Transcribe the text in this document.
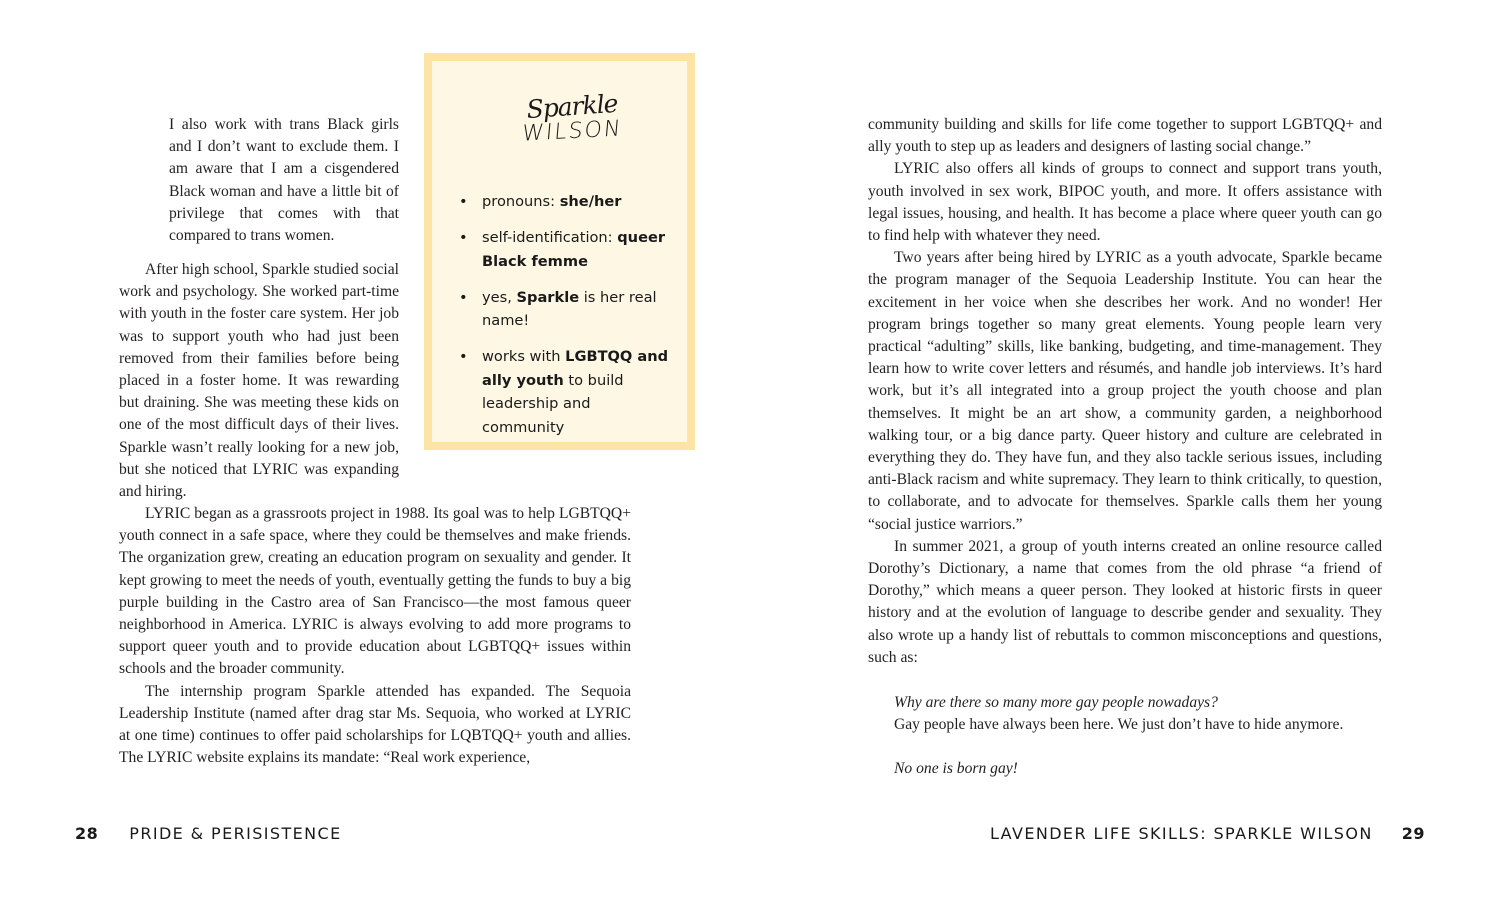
I also work with trans Black girls and I don’t want to exclude them. I am aware that I am a cisgendered Black woman and have a little bit of privilege that comes with that compared to trans women.

After high school, Sparkle studied social work and psychology. She worked part-time with youth in the foster care system. Her job was to support youth who had just been removed from their families before being placed in a foster home. It was rewarding but draining. She was meeting these kids on one of the most difficult days of their lives. Sparkle wasn’t really looking for a new job, but she noticed that LYRIC was expanding and hiring.

LYRIC began as a grassroots project in 1988. Its goal was to help LGBTQQ+ youth connect in a safe space, where they could be themselves and make friends. The organization grew, creating an education program on sexuality and gender. It kept growing to meet the needs of youth, eventually getting the funds to buy a big purple building in the Castro area of San Francisco—the most famous queer neighborhood in America. LYRIC is always evolving to add more programs to support queer youth and to provide education about LGBTQQ+ issues within schools and the broader community.

The internship program Sparkle attended has expanded. The Sequoia Leadership Institute (named after drag star Ms. Sequoia, who worked at LYRIC at one time) continues to offer paid scholarships for LQBTQQ+ youth and allies. The LYRIC website explains its mandate: “Real work experience,

Sparkle
WILSON
• pronouns: she/her
• self-identification: queer Black femme
• yes, Sparkle is her real name!
• works with LGBTQQ and ally youth to build leadership and community
28 PRIDE & PERISISTENCE

community building and skills for life come together to support LGBTQQ+ and ally youth to step up as leaders and designers of lasting social change.”

LYRIC also offers all kinds of groups to connect and support trans youth, youth involved in sex work, BIPOC youth, and more. It offers assistance with legal issues, housing, and health. It has become a place where queer youth can go to find help with whatever they need.

Two years after being hired by LYRIC as a youth advocate, Sparkle became the program manager of the Sequoia Leadership Institute. You can hear the excitement in her voice when she describes her work. And no wonder! Her program brings together so many great elements. Young people learn very practical “adulting” skills, like banking, budgeting, and time-management. They learn how to write cover letters and résumés, and handle job interviews. It’s hard work, but it’s all integrated into a group project the youth choose and plan themselves. It might be an art show, a community garden, a neighborhood walking tour, or a big dance party. Queer history and culture are celebrated in everything they do. They have fun, and they also tackle serious issues, including anti-Black racism and white supremacy. They learn to think critically, to question, to collaborate, and to advocate for themselves. Sparkle calls them her young “social justice warriors.”

In summer 2021, a group of youth interns created an online resource called Dorothy’s Dictionary, a name that comes from the old phrase “a friend of Dorothy,” which means a queer person. They looked at historic firsts in queer history and at the evolution of language to describe gender and sexuality. They also wrote up a handy list of rebuttals to common misconceptions and questions, such as:

Why are there so many more gay people nowadays?

Gay people have always been here. We just don’t have to hide anymore.

No one is born gay!

LAVENDER LIFE SKILLS: SPARKLE WILSON 29
